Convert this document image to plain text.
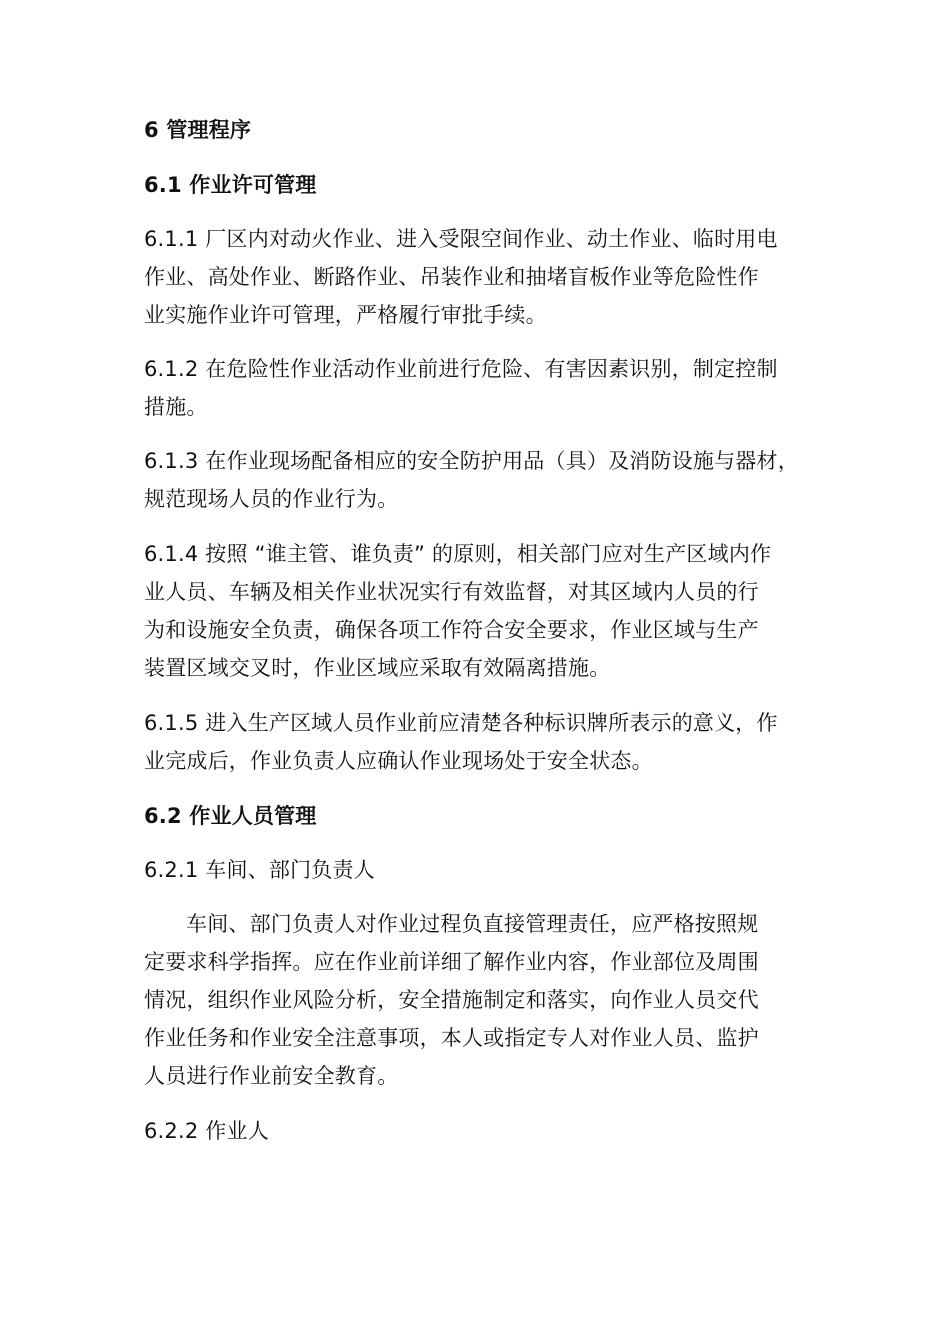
6 管理程序
6.1 作业许可管理
6.1.1 厂区内对动火作业、进入受限空间作业、动土作业、临时用电
作业、高处作业、断路作业、吊装作业和抽堵盲板作业等危险性作
业实施作业许可管理，严格履行审批手续。
6.1.2 在危险性作业活动作业前进行危险、有害因素识别，制定控制
措施。
6.1.3 在作业现场配备相应的安全防护用品（具）及消防设施与器材，
规范现场人员的作业行为。
6.1.4 按照 “谁主管、谁负责” 的原则，相关部门应对生产区域内作
业人员、车辆及相关作业状况实行有效监督，对其区域内人员的行
为和设施安全负责，确保各项工作符合安全要求，作业区域与生产
装置区域交叉时，作业区域应采取有效隔离措施。
6.1.5 进入生产区域人员作业前应清楚各种标识牌所表示的意义，作
业完成后，作业负责人应确认作业现场处于安全状态。
6.2 作业人员管理
6.2.1 车间、部门负责人
车间、部门负责人对作业过程负直接管理责任，应严格按照规
定要求科学指挥。应在作业前详细了解作业内容，作业部位及周围
情况，组织作业风险分析，安全措施制定和落实，向作业人员交代
作业任务和作业安全注意事项，本人或指定专人对作业人员、监护
人员进行作业前安全教育。
6.2.2 作业人
